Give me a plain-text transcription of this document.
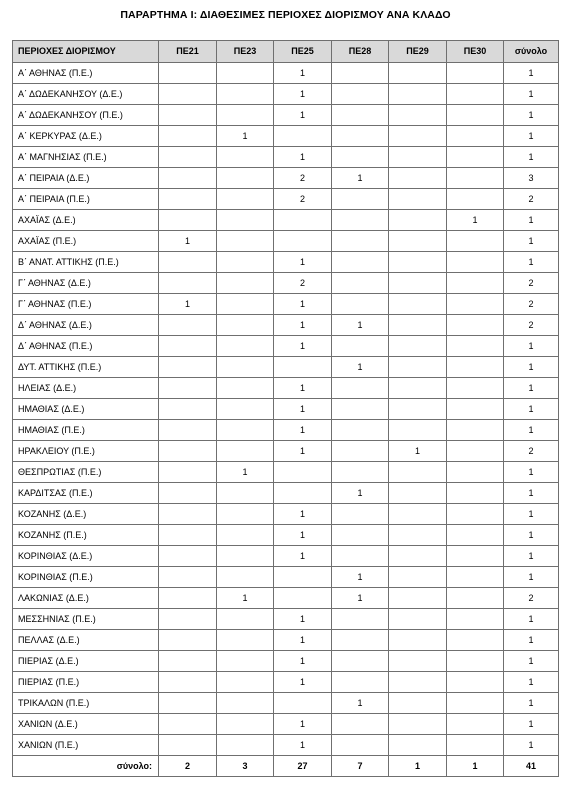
ΠΑΡΑΡΤΗΜΑ Ι: ΔΙΑΘΕΣΙΜΕΣ ΠΕΡΙΟΧΕΣ ΔΙΟΡΙΣΜΟΥ ΑΝΑ ΚΛΑΔΟ
ΠΕΡΙΟΧΕΣ ΔΙΟΡΙΣΜΟΥ	ΠΕ21	ΠΕ23	ΠΕ25	ΠΕ28	ΠΕ29	ΠΕ30	σύνολο
Α΄ ΑΘΗΝΑΣ (Π.Ε.)			1				1
Α΄ ΔΩΔΕΚΑΝΗΣΟΥ (Δ.Ε.)			1				1
Α΄ ΔΩΔΕΚΑΝΗΣΟΥ (Π.Ε.)			1				1
Α΄ ΚΕΡΚΥΡΑΣ (Δ.Ε.)		1					1
Α΄ ΜΑΓΝΗΣΙΑΣ (Π.Ε.)			1				1
Α΄ ΠΕΙΡΑΙΑ (Δ.Ε.)			2	1			3
Α΄ ΠΕΙΡΑΙΑ (Π.Ε.)			2				2
ΑΧΑΪΑΣ (Δ.Ε.)						1	1
ΑΧΑΪΑΣ (Π.Ε.)	1						1
Β΄ ΑΝΑΤ. ΑΤΤΙΚΗΣ (Π.Ε.)			1				1
Γ΄ ΑΘΗΝΑΣ (Δ.Ε.)			2				2
Γ΄ ΑΘΗΝΑΣ (Π.Ε.)	1		1				2
Δ΄ ΑΘΗΝΑΣ (Δ.Ε.)			1	1			2
Δ΄ ΑΘΗΝΑΣ (Π.Ε.)			1				1
ΔΥΤ. ΑΤΤΙΚΗΣ (Π.Ε.)				1			1
ΗΛΕΙΑΣ (Δ.Ε.)			1				1
ΗΜΑΘΙΑΣ (Δ.Ε.)			1				1
ΗΜΑΘΙΑΣ (Π.Ε.)			1				1
ΗΡΑΚΛΕΙΟΥ (Π.Ε.)			1		1		2
ΘΕΣΠΡΩΤΙΑΣ (Π.Ε.)		1					1
ΚΑΡΔΙΤΣΑΣ (Π.Ε.)				1			1
ΚΟΖΑΝΗΣ (Δ.Ε.)			1				1
ΚΟΖΑΝΗΣ (Π.Ε.)			1				1
ΚΟΡΙΝΘΙΑΣ (Δ.Ε.)			1				1
ΚΟΡΙΝΘΙΑΣ (Π.Ε.)				1			1
ΛΑΚΩΝΙΑΣ (Δ.Ε.)		1		1			2
ΜΕΣΣΗΝΙΑΣ (Π.Ε.)			1				1
ΠΕΛΛΑΣ (Δ.Ε.)			1				1
ΠΙΕΡΙΑΣ (Δ.Ε.)			1				1
ΠΙΕΡΙΑΣ (Π.Ε.)			1				1
ΤΡΙΚΑΛΩΝ (Π.Ε.)				1			1
ΧΑΝΙΩΝ (Δ.Ε.)			1				1
ΧΑΝΙΩΝ (Π.Ε.)			1				1
σύνολο:	2	3	27	7	1	1	41
